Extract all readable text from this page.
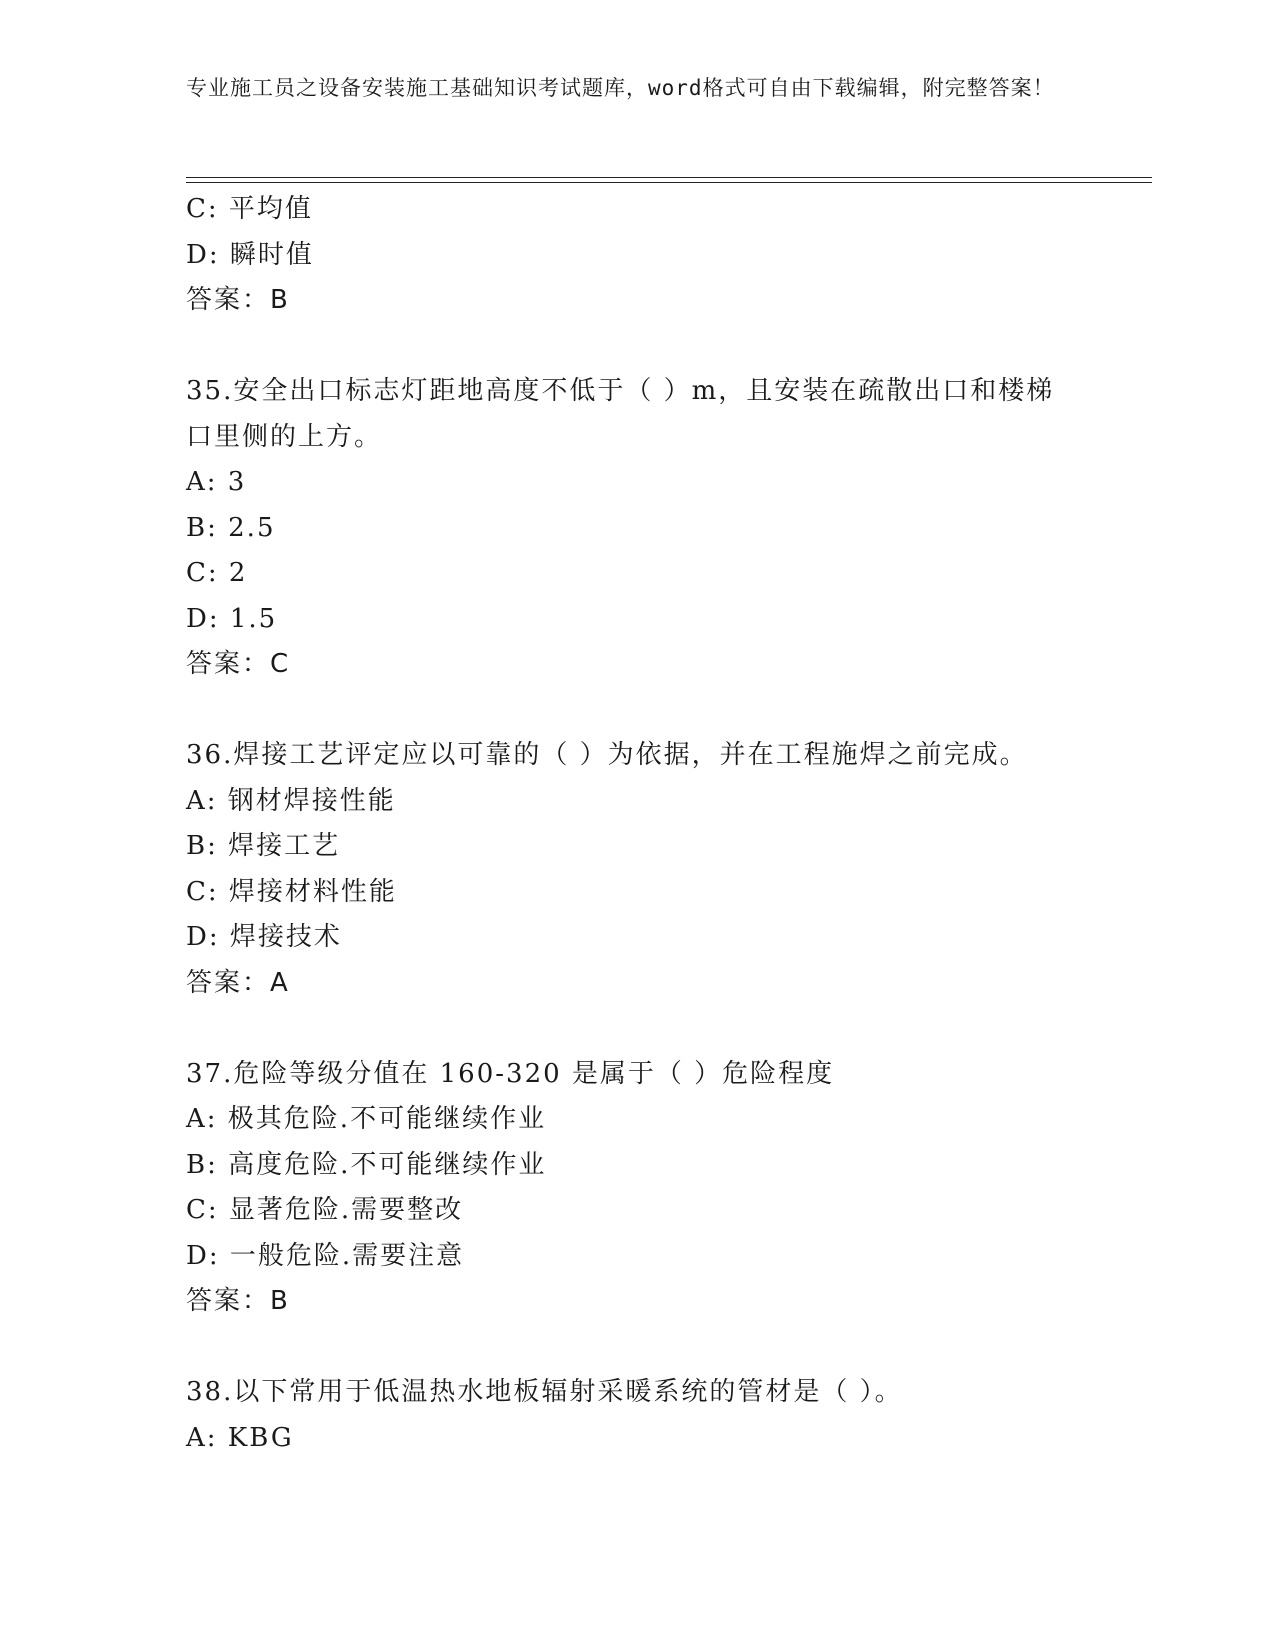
专业施工员之设备安装施工基础知识考试题库，word格式可自由下载编辑，附完整答案！
C: 平均值
D: 瞬时值
答案：B
35.安全出口标志灯距地高度不低于（ ）m，且安装在疏散出口和楼梯
口里侧的上方。
A: 3
B: 2.5
C: 2
D: 1.5
答案：C
36.焊接工艺评定应以可靠的（ ）为依据，并在工程施焊之前完成。
A: 钢材焊接性能
B: 焊接工艺
C: 焊接材料性能
D: 焊接技术
答案：A
37.危险等级分值在 160-320 是属于（ ）危险程度
A: 极其危险.不可能继续作业
B: 高度危险.不可能继续作业
C: 显著危险.需要整改
D: 一般危险.需要注意
答案：B
38.以下常用于低温热水地板辐射采暖系统的管材是（ ）。
A: KBG
